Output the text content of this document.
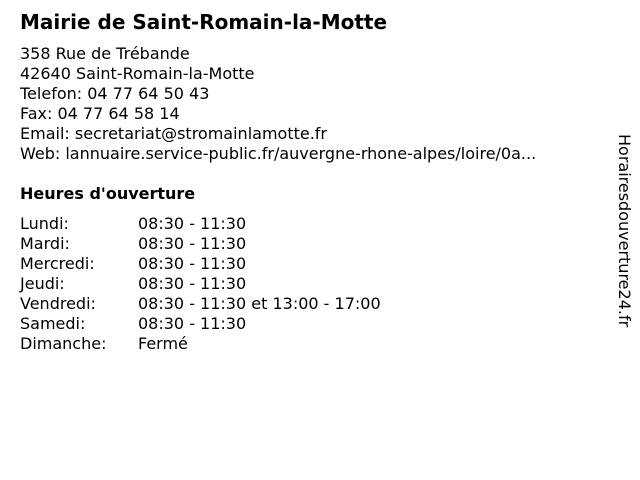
Mairie de Saint-Romain-la-Motte
358 Rue de Trébande
42640 Saint-Romain-la-Motte
Telefon: 04 77 64 50 43
Fax: 04 77 64 58 14
Email: secretariat@stromainlamotte.fr
Web: lannuaire.service-public.fr/auvergne-rhone-alpes/loire/0a...
Heures d'ouverture
Lundi:	08:30 - 11:30
Mardi:	08:30 - 11:30
Mercredi:	08:30 - 11:30
Jeudi:	08:30 - 11:30
Vendredi:	08:30 - 11:30 et 13:00 - 17:00
Samedi:	08:30 - 11:30
Dimanche:	Fermé
Horairesdouverture24.fr
